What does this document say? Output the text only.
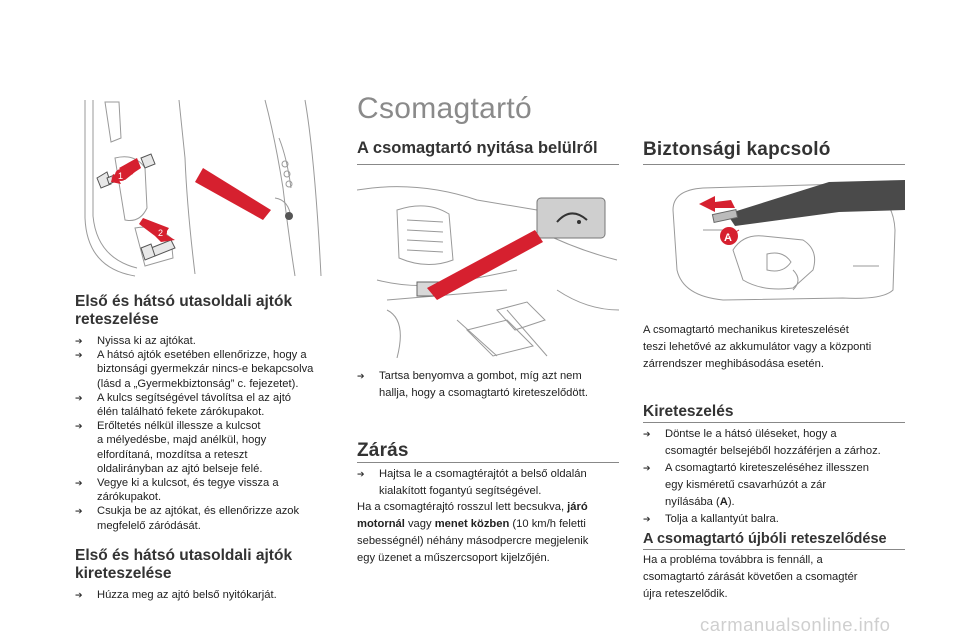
Csomagtartó
1
2
Első és hátsó utasoldali ajtók
reteszelése
➔ Nyissa ki az ajtókat.
➔ A hátsó ajtók esetében ellenőrizze, hogy a
biztonsági gyermekzár nincs-e bekapcsolva
(lásd a „Gyermekbiztonság” c. fejezetet).
➔ A kulcs segítségével távolítsa el az ajtó
élén található fekete zárókupakot.
➔ Erőltetés nélkül illessze a kulcsot
a mélyedésbe, majd anélkül, hogy
elfordítaná, mozdítsa a reteszt
oldalirányban az ajtó belseje felé.
➔ Vegye ki a kulcsot, és tegye vissza a
zárókupakot.
➔ Csukja be az ajtókat, és ellenőrizze azok
megfelelő záródását.
Első és hátsó utasoldali ajtók
kireteszelése
➔ Húzza meg az ajtó belső nyitókarját.
A csomagtartó nyitása belülről
➔ Tartsa benyomva a gombot, míg azt nem
hallja, hogy a csomagtartó kireteszelődött.
Zárás
➔ Hajtsa le a csomagtérajtót a belső oldalán
kialakított fogantyú segítségével.
Ha a csomagtérajtó rosszul lett becsukva, járó
motornál vagy menet közben (10 km/h feletti
sebességnél) néhány másodpercre megjelenik
egy üzenet a műszercsoport kijelzőjén.
Biztonsági kapcsoló
A
A csomagtartó mechanikus kireteszelését
teszi lehetővé az akkumulátor vagy a központi
zárrendszer meghibásodása esetén.
Kireteszelés
➔ Döntse le a hátsó üléseket, hogy a
csomagtér belsejéből hozzáférjen a zárhoz.
➔ A csomagtartó kireteszeléséhez illesszen
egy kisméretű csavarhúzót a zár
nyílásába (A).
➔ Tolja a kallantyút balra.
A csomagtartó újbóli reteszelődése
Ha a probléma továbbra is fennáll, a
csomagtartó zárását követően a csomagtér
újra reteszelődik.
carmanualsonline.info
